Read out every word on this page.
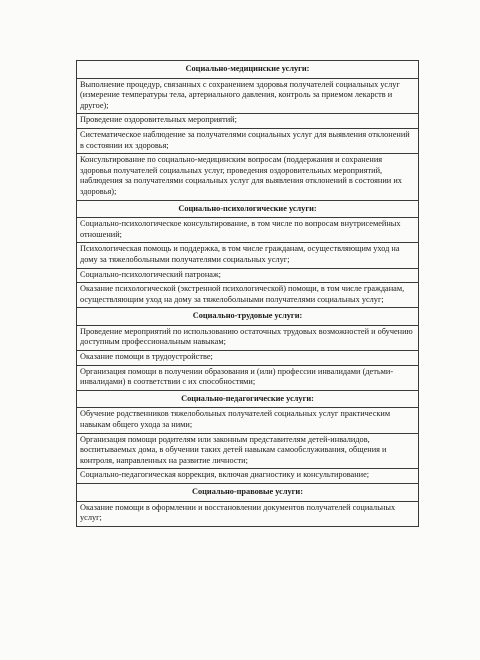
Социально-медицинские услуги:
Выполнение процедур, связанных с сохранением здоровья получателей социальных услуг (измерение температуры тела, артериального давления, контроль за приемом лекарств и другое);
Проведение оздоровительных мероприятий;
Систематическое наблюдение за получателями социальных услуг для выявления отклонений в состоянии их здоровья;
Консультирование по социально-медицинским вопросам (поддержания и сохранения здоровья получателей социальных услуг, проведения оздоровительных мероприятий, наблюдения за получателями социальных услуг для выявления отклонений в состоянии их здоровья);
Социально-психологические услуги:
Социально-психологическое консультирование, в том числе по вопросам внутрисемейных отношений;
Психологическая помощь и поддержка, в том числе гражданам, осуществляющим уход на дому за тяжелобольными получателями социальных услуг;
Социально-психологический патронаж;
Оказание психологической (экстренной психологической) помощи, в том числе гражданам, осуществляющим уход на дому за тяжелобольными получателями социальных услуг;
Социально-трудовые услуги:
Проведение мероприятий по использованию остаточных трудовых возможностей и обучению доступным профессиональным навыкам;
Оказание помощи в трудоустройстве;
Организация помощи в получении образования и (или) профессии инвалидами (детьми-инвалидами) в соответствии с их способностями;
Социально-педагогические услуги:
Обучение родственников тяжелобольных получателей социальных услуг практическим навыкам общего ухода за ними;
Организация помощи родителям или законным представителям детей-инвалидов, воспитываемых дома, в обучении таких детей навыкам самообслуживания, общения и контроля, направленных на развитие личности;
Социально-педагогическая коррекция, включая диагностику и консультирование;
Социально-правовые услуги:
Оказание помощи в оформлении и восстановлении документов получателей социальных услуг;
